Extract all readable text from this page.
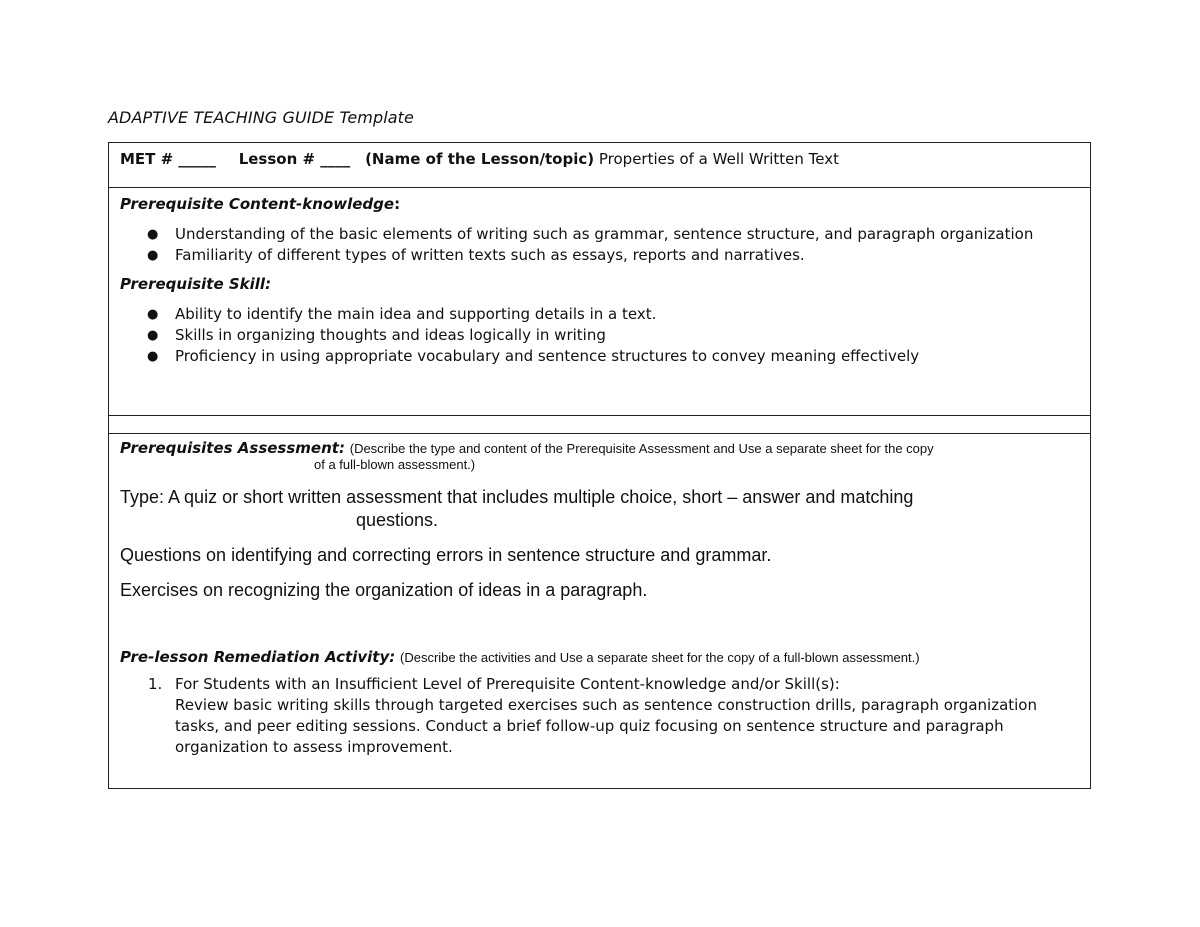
ADAPTIVE TEACHING GUIDE Template
MET # _____ Lesson # ____ (Name of the Lesson/topic) Properties of a Well Written Text
Prerequisite Content-knowledge:
● Understanding of the basic elements of writing such as grammar, sentence structure, and paragraph organization
● Familiarity of different types of written texts such as essays, reports and narratives.
Prerequisite Skill:
● Ability to identify the main idea and supporting details in a text.
● Skills in organizing thoughts and ideas logically in writing
● Proficiency in using appropriate vocabulary and sentence structures to convey meaning effectively
Prerequisites Assessment: (Describe the type and content of the Prerequisite Assessment and Use a separate sheet for the copy
of a full-blown assessment.)
Type: A quiz or short written assessment that includes multiple choice, short – answer and matching
questions.
Questions on identifying and correcting errors in sentence structure and grammar.
Exercises on recognizing the organization of ideas in a paragraph.
Pre-lesson Remediation Activity: (Describe the activities and Use a separate sheet for the copy of a full-blown assessment.)
1. For Students with an Insufficient Level of Prerequisite Content-knowledge and/or Skill(s):
Review basic writing skills through targeted exercises such as sentence construction drills, paragraph organization tasks, and peer editing sessions. Conduct a brief follow-up quiz focusing on sentence structure and paragraph organization to assess improvement.
